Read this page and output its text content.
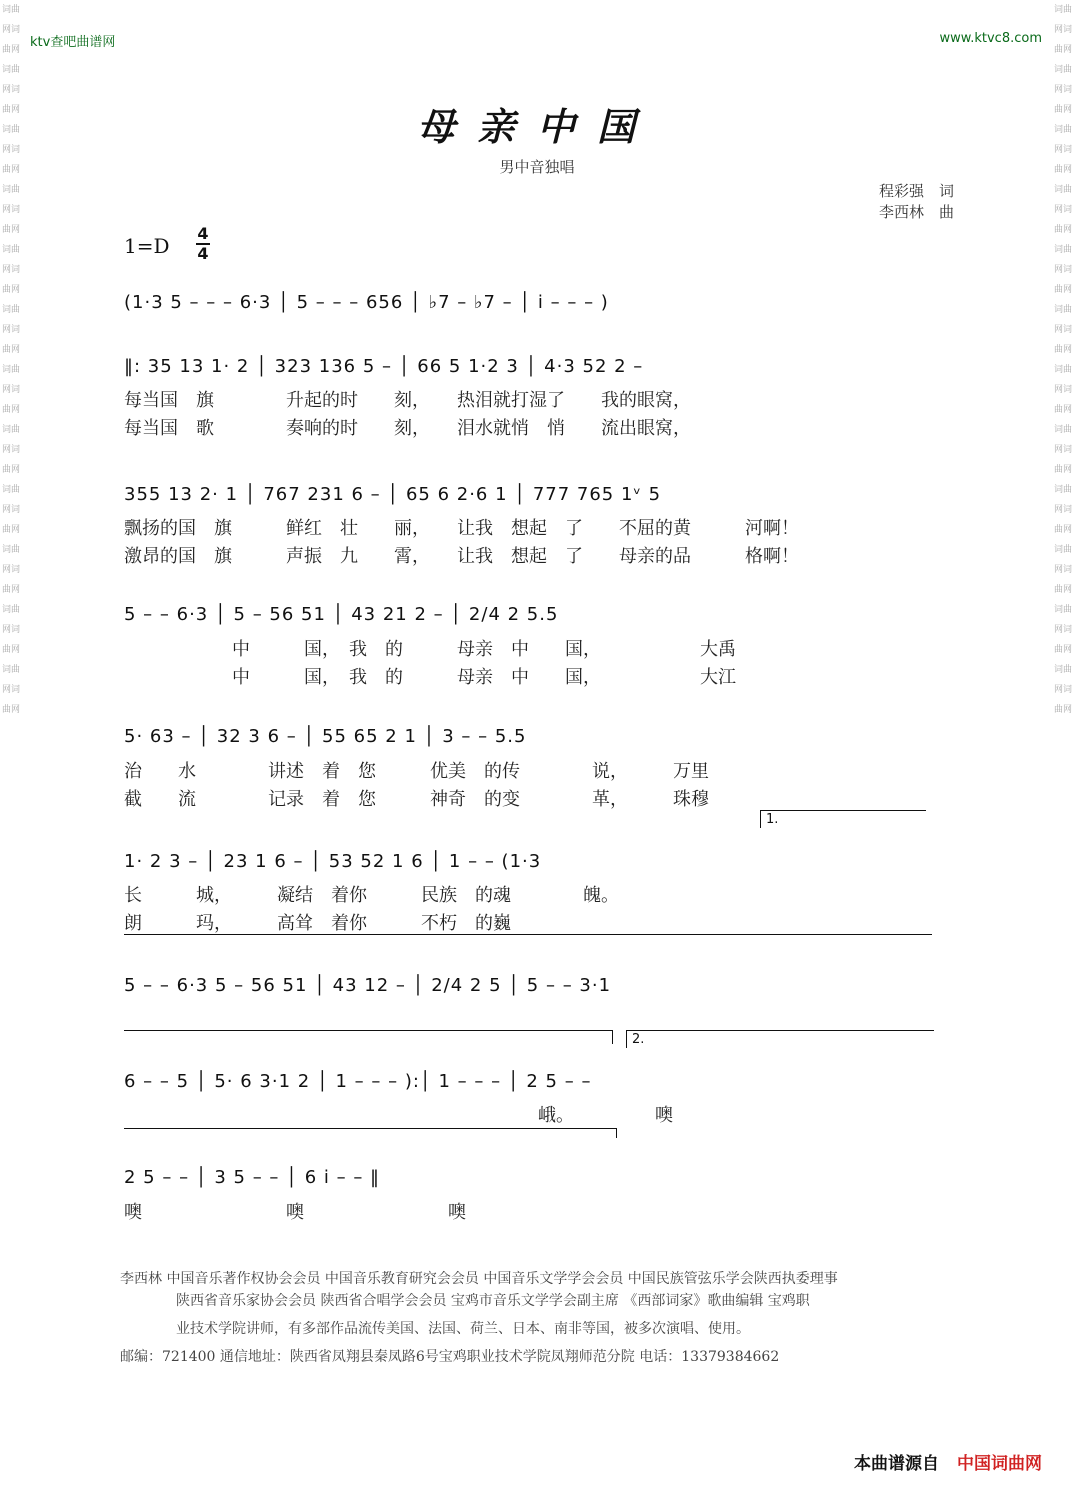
词曲网词曲网词曲网词曲网词曲网词曲网词曲网词曲网词曲网词曲网词曲网词曲网词曲网词曲网词曲网词曲网词曲网词曲网词曲网词曲网词曲网词曲网词曲网词曲网
词曲网词曲网词曲网词曲网词曲网词曲网词曲网词曲网词曲网词曲网词曲网词曲网词曲网词曲网词曲网词曲网词曲网词曲网词曲网词曲网词曲网词曲网词曲网词曲网
ktv查吧曲谱网	www.ktvc8.com
母亲中国
男中音独唱
程彩强　词
李西林　曲
1=D
4
4
(1·3 5 – – – 6·3 │ 5 – – – 656 │ ♭7 – ♭7 – │ i – – – )
‖: 35 13 1· 2 │ 323 136 5 – │ 66 5 1·2 3 │ 4·3 52 2 –
每当国　旗　　　　升起的时　　刻，　　热泪就打湿了　　我的眼窝，
每当国　歌　　　　奏响的时　　刻，　　泪水就悄　悄　　流出眼窝，
355 13 2· 1 │ 767 231 6 – │ 65 6 2·6 1 │ 777 765 1ᵛ 5
飘扬的国　旗　　　鲜红　壮　　丽，　　让我　想起　了　　不屈的黄　　　河啊！
激昂的国　旗　　　声振　九　　霄，　　让我　想起　了　　母亲的品　　　格啊！
5 – – 6·3 │ 5 – 56 51 │ 43 21 2 – │ 2/4 2 5.5
　　　　　　中　　　国，　我　的　　　母亲　中　　国，　　　　　　大禹
　　　　　　中　　　国，　我　的　　　母亲　中　　国，　　　　　　大江
5· 63 – │ 32 3 6 – │ 55 65 2 1 │ 3 – – 5.5
治　　水　　　　讲述　着　您　　　优美　的传　　　　说，　　　万里
截　　流　　　　记录　着　您　　　神奇　的变　　　　革，　　　珠穆
1.
1· 2 3 – │ 23 1 6 – │ 53 52 1 6 │ 1 – – (1·3
长　　　城，　　　凝结　着你　　　民族　的魂　　　　魄。
朗　　　玛，　　　高耸　着你　　　不朽　的巍
5 – – 6·3 5 – 56 51 │ 43 12 – │ 2/4 2 5 │ 5 – – 3·1
2.
6 – – 5 │ 5· 6 3·1 2 │ 1 – – – ):│ 1 – – – │ 2 5 – –
　　　　　　　　　　　　　　　　　　　　　　　峨。　　　　　噢
2 5 – – │ 3 5 – – │ 6 i – – ‖
噢　　　　　　　　噢　　　　　　　　噢
李西林 中国音乐著作权协会会员 中国音乐教育研究会会员 中国音乐文学学会会员 中国民族管弦乐学会陕西执委理事
陕西省音乐家协会会员 陕西省合唱学会会员 宝鸡市音乐文学学会副主席 《西部词家》歌曲编辑 宝鸡职
业技术学院讲师，有多部作品流传美国、法国、荷兰、日本、南非等国，被多次演唱、使用。
邮编：721400 通信地址：陕西省凤翔县秦凤路6号宝鸡职业技术学院凤翔师范分院 电话：13379384662
本曲谱源自 中国词曲网
